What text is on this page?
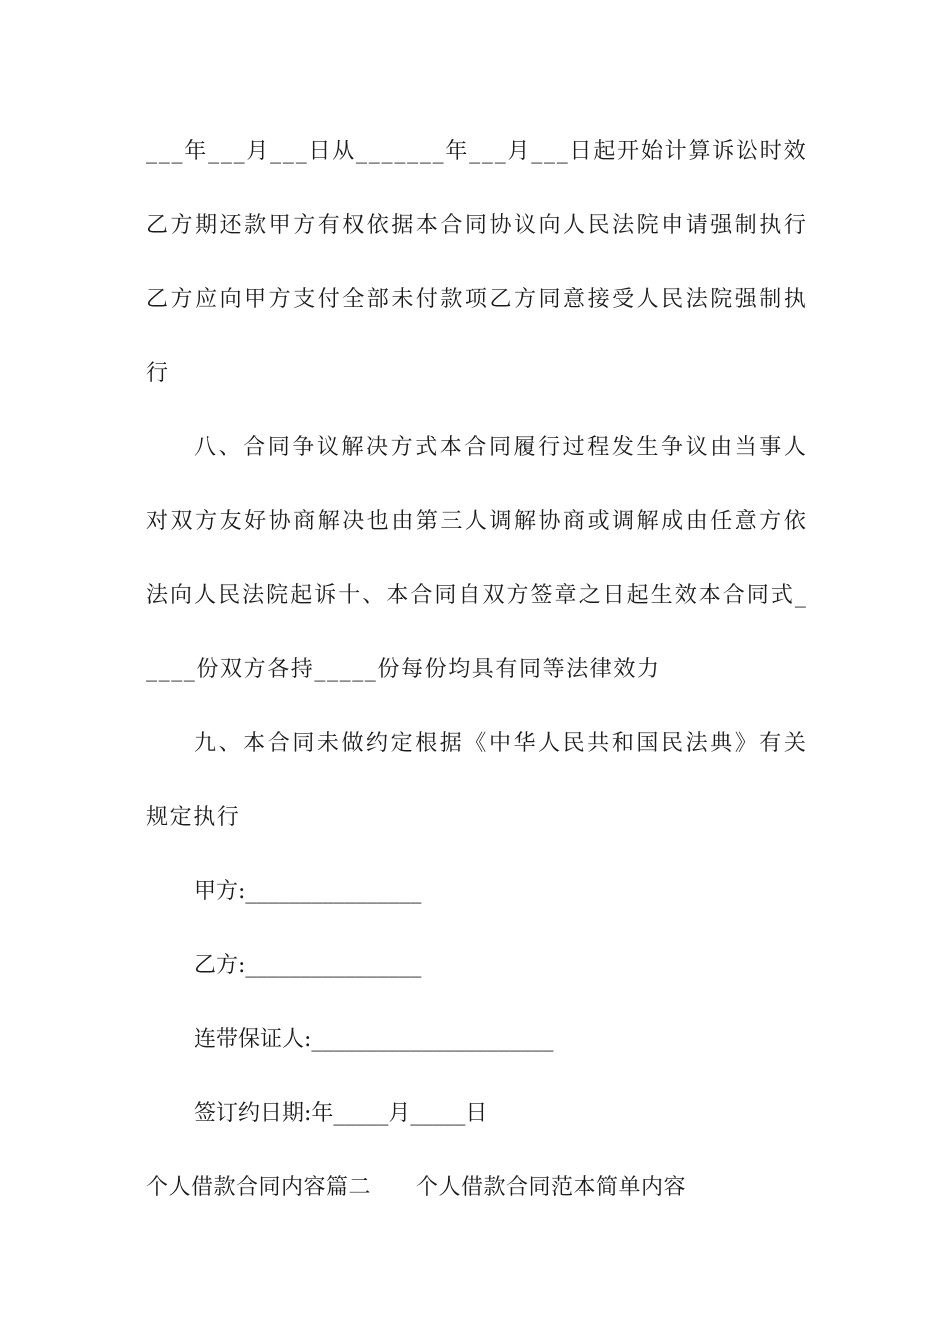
_ _ _ 年 _ _ _ 月 _ _ _ 日 从 _ _ _ _ _ _ _ 年 _ _ _ 月 _ _ _ 日 起 开 始 计 算 诉 讼 时 效
乙 方 期 还 款 甲 方 有 权 依 据 本 合 同 协 议 向 人 民 法 院 申 请 强 制 执 行
乙 方 应 向 甲 方 支 付 全 部 未 付 款 项 乙 方 同 意 接 受 人 民 法 院 强 制 执
行
八 、 合 同 争 议 解 决 方 式 本 合 同 履 行 过 程 发 生 争 议 由 当 事 人
对 双 方 友 好 协 商 解 决 也 由 第 三 人 调 解 协 商 或 调 解 成 由 任 意 方 依
法 向 人 民 法 院 起 诉 十 、 本 合 同 自 双 方 签 章 之 日 起 生 效 本 合 同 式 _
____份双方各持_____份每份均具有同等法律效力
九 、 本 合 同 未 做 约 定 根 据 《 中 华 人 民 共 和 国 民 法 典 》 有 关
规定执行
甲方:________________
乙方:________________
连带保证人:______________________
签订约日期:年_____月_____日
个人借款合同内容篇二　　个人借款合同范本简单内容
